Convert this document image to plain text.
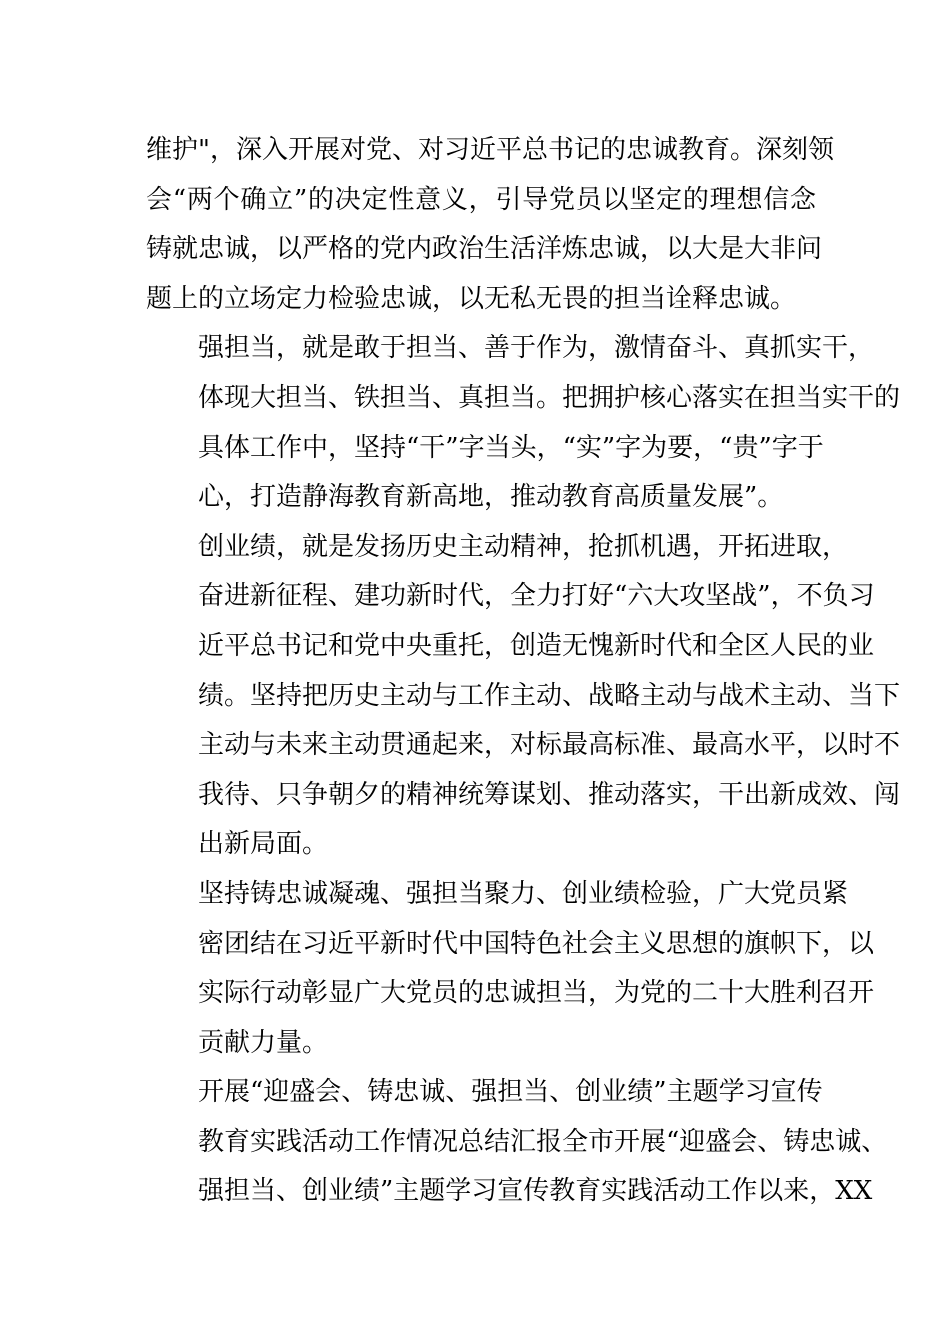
维护"，深入开展对党、对习近平总书记的忠诚教育。深刻领
会“两个确立”的决定性意义，引导党员以坚定的理想信念
铸就忠诚，以严格的党内政治生活洋炼忠诚，以大是大非问
题上的立场定力检验忠诚，以无私无畏的担当诠释忠诚。

强担当，就是敢于担当、善于作为，激情奋斗、真抓实干，
体现大担当、铁担当、真担当。把拥护核心落实在担当实干的
具体工作中，坚持“干”字当头，“实”字为要，“贵”字于
心，打造静海教育新高地，推动教育高质量发展”。

创业绩，就是发扬历史主动精神，抢抓机遇，开拓进取，
奋进新征程、建功新时代，全力打好“六大攻坚战”，不负习
近平总书记和党中央重托，创造无愧新时代和全区人民的业
绩。坚持把历史主动与工作主动、战略主动与战术主动、当下
主动与未来主动贯通起来，对标最高标准、最高水平，以时不
我待、只争朝夕的精神统筹谋划、推动落实，干出新成效、闯
出新局面。

坚持铸忠诚凝魂、强担当聚力、创业绩检验，广大党员紧
密团结在习近平新时代中国特色社会主义思想的旗帜下，以
实际行动彰显广大党员的忠诚担当，为党的二十大胜利召开
贡献力量。

开展“迎盛会、铸忠诚、强担当、创业绩”主题学习宣传
教育实践活动工作情况总结汇报全市开展“迎盛会、铸忠诚、
强担当、创业绩”主题学习宣传教育实践活动工作以来，XX
